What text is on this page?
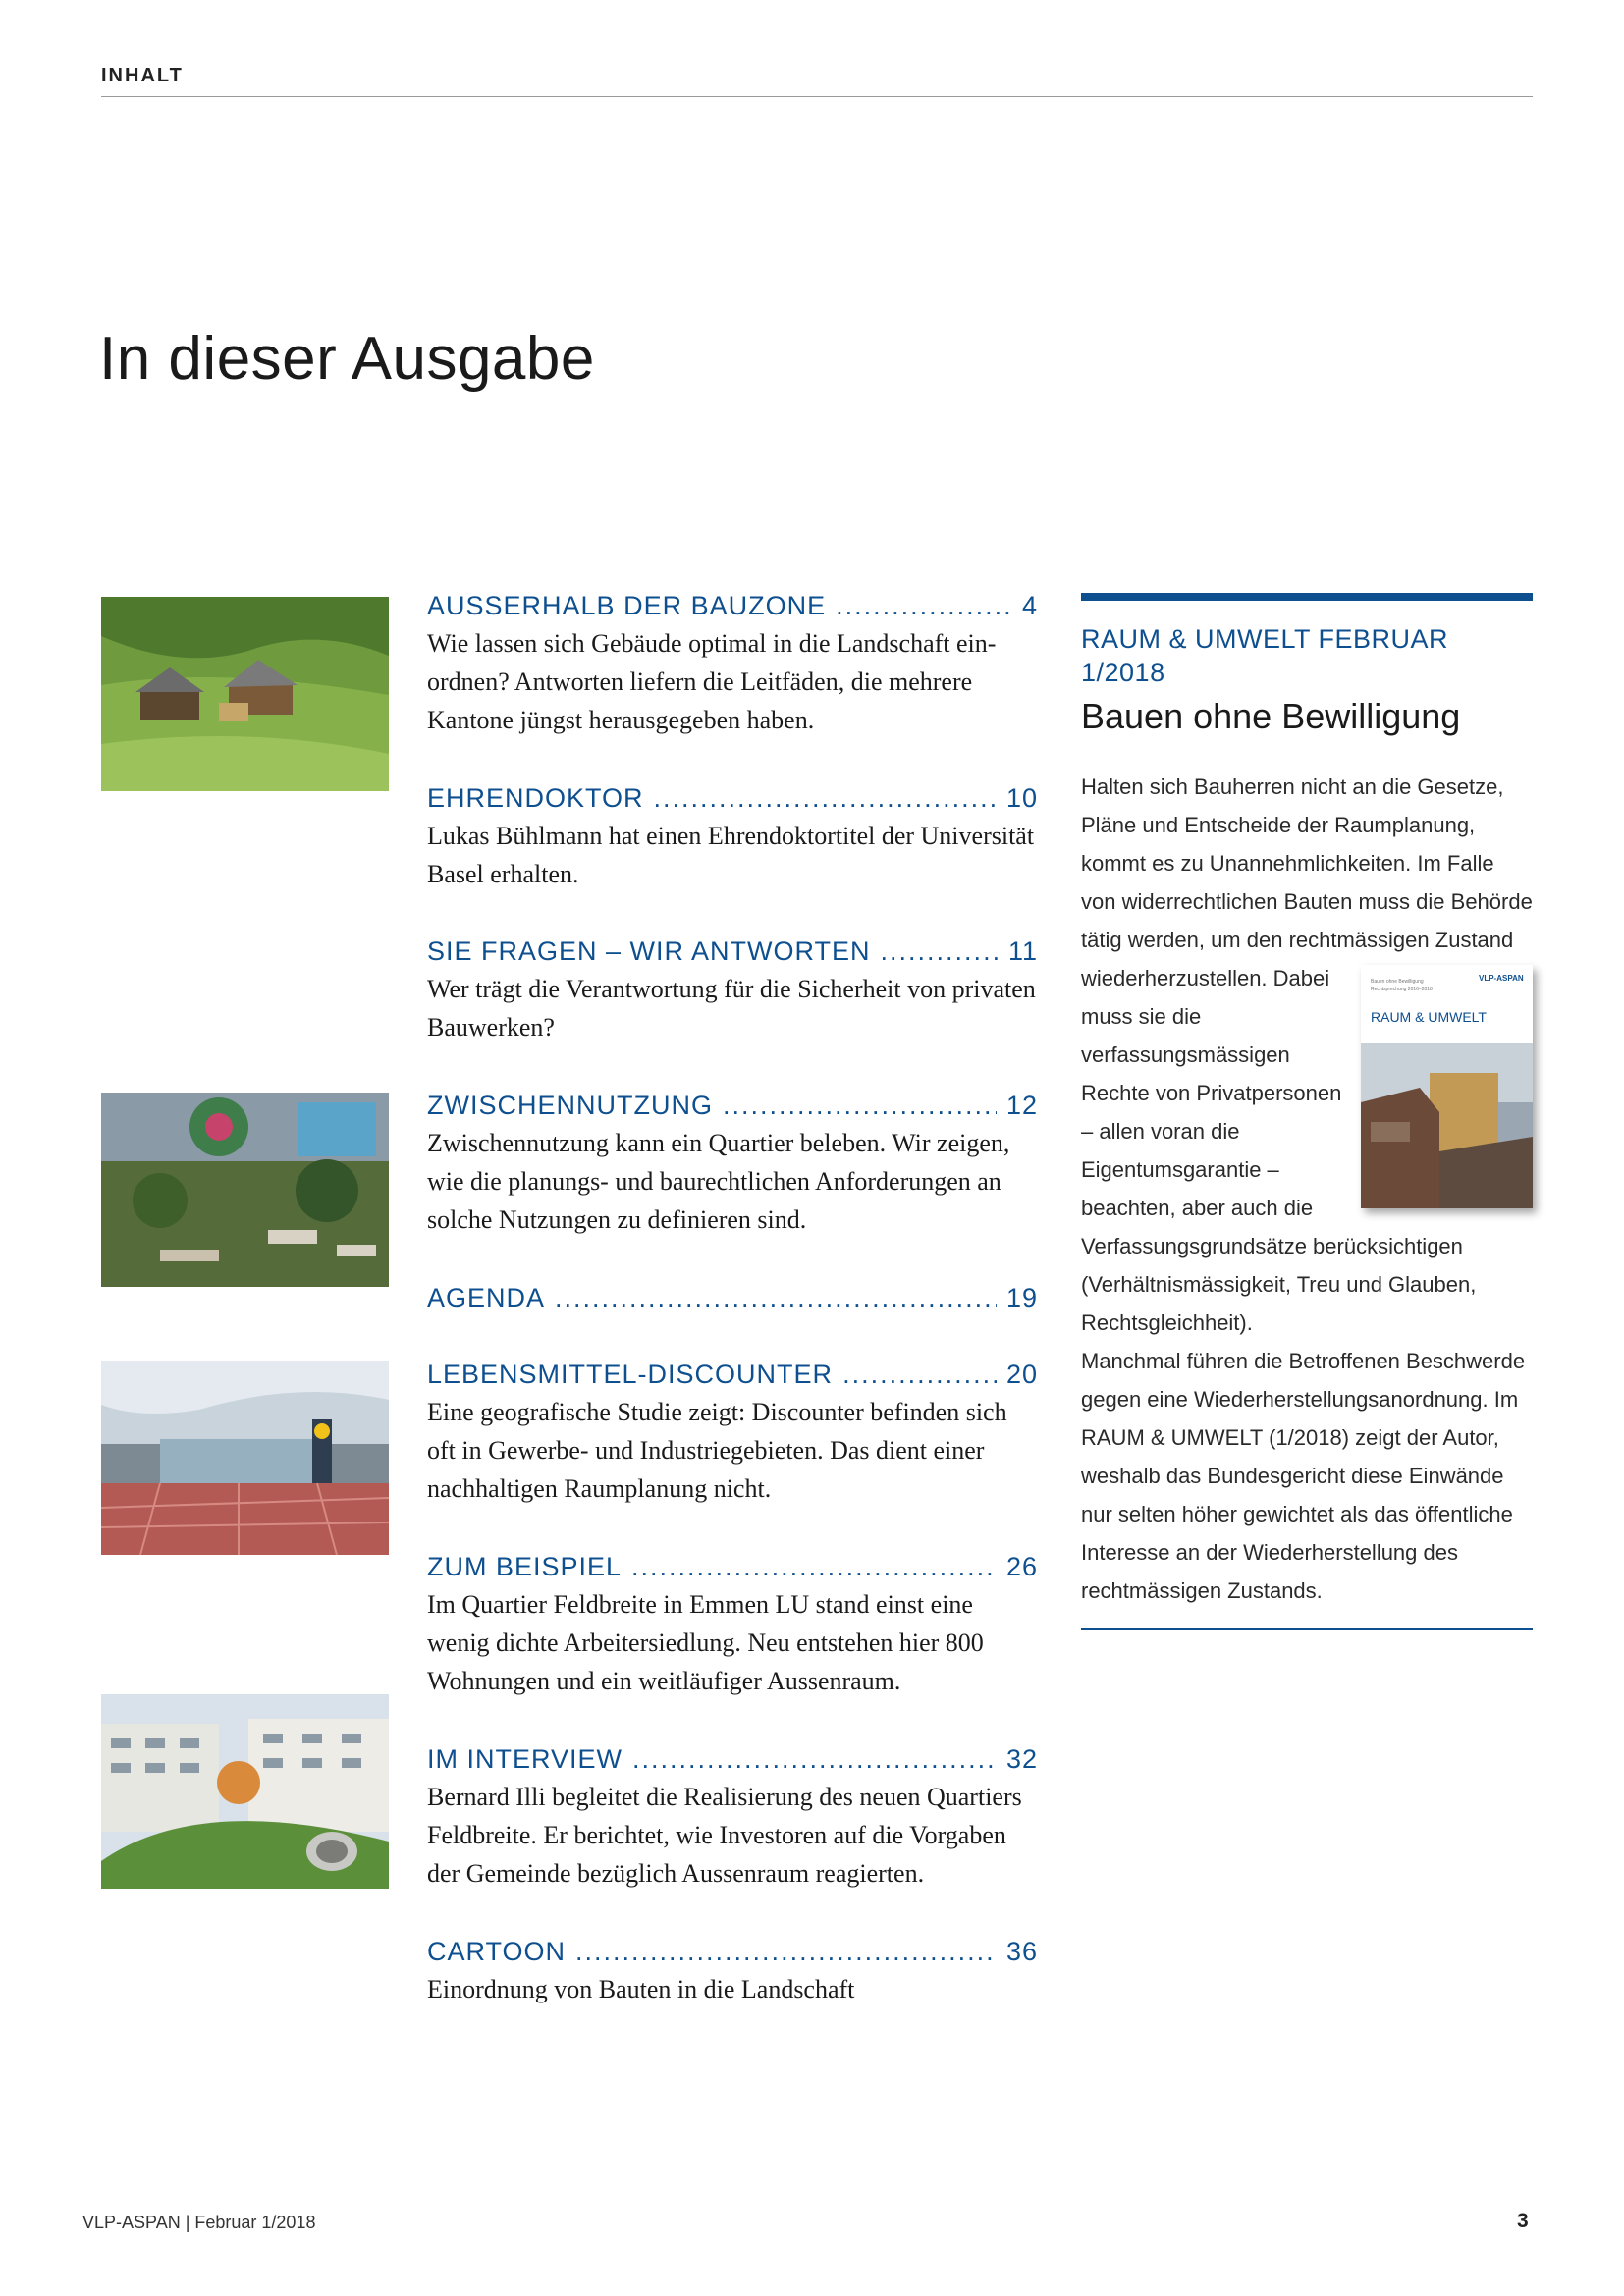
INHALT
In dieser Ausgabe
AUSSERHALB DER BAUZONE .....	4
Wie lassen sich Gebäude optimal in die Landschaft einordnen? Antworten liefern die Leitfäden, die mehrere Kantone jüngst herausgegeben haben.
EHRENDOKTOR .....	10
Lukas Bühlmann hat einen Ehrendoktortitel der Universität Basel erhalten.
SIE FRAGEN – WIR ANTWORTEN .....	11
Wer trägt die Verantwortung für die Sicherheit von privaten Bauwerken?
ZWISCHENNUTZUNG .....	12
Zwischennutzung kann ein Quartier beleben. Wir zeigen, wie die planungs- und baurechtlichen Anforderungen an solche Nutzungen zu definieren sind.
AGENDA .....	19
LEBENSMITTEL-DISCOUNTER .....	20
Eine geografische Studie zeigt: Discounter befinden sich oft in Gewerbe- und Industriegebieten. Das dient einer nachhaltigen Raumplanung nicht.
ZUM BEISPIEL .....	26
Im Quartier Feldbreite in Emmen LU stand einst eine wenig dichte Arbeitersiedlung. Neu entstehen hier 800 Wohnungen und ein weitläufiger Aussenraum.
IM INTERVIEW .....	32
Bernard Illi begleitet die Realisierung des neuen Quartiers Feldbreite. Er berichtet, wie Investoren auf die Vorgaben der Gemeinde bezüglich Aussenraum reagierten.
CARTOON .....	36
Einordnung von Bauten in die Landschaft
RAUM & UMWELT FEBRUAR 1/2018
Bauen ohne Bewilligung
Halten sich Bauherren nicht an die Gesetze, Pläne und Entscheide der Raumplanung, kommt es zu Unannehmlichkeiten. Im Falle von widerrechtlichen Bauten muss die Behörde tätig werden, um den rechtmässigen
VLP-ASPAN
Bauen ohne Bewilligung
Rechtsprechung 2016–2018
RAUM & UMWELT
Zustand wiederherzustellen. Dabei muss sie die verfassungsmässigen Rechte von Privatpersonen – allen voran die Eigentumsgarantie – beachten, aber auch die Verfassungsgrundsätze berücksichtigen (Verhältnismässigkeit, Treu und Glauben, Rechtsgleichheit).
Manchmal führen die Betroffenen Beschwerde gegen eine Wiederherstellungsanordnung. Im RAUM & UMWELT (1/2018) zeigt der Autor, weshalb das Bundesgericht diese Einwände nur selten höher gewichtet als das öffentliche Interesse an der Wiederherstellung des rechtmässigen Zustands.
VLP-ASPAN | Februar 1/2018	3
